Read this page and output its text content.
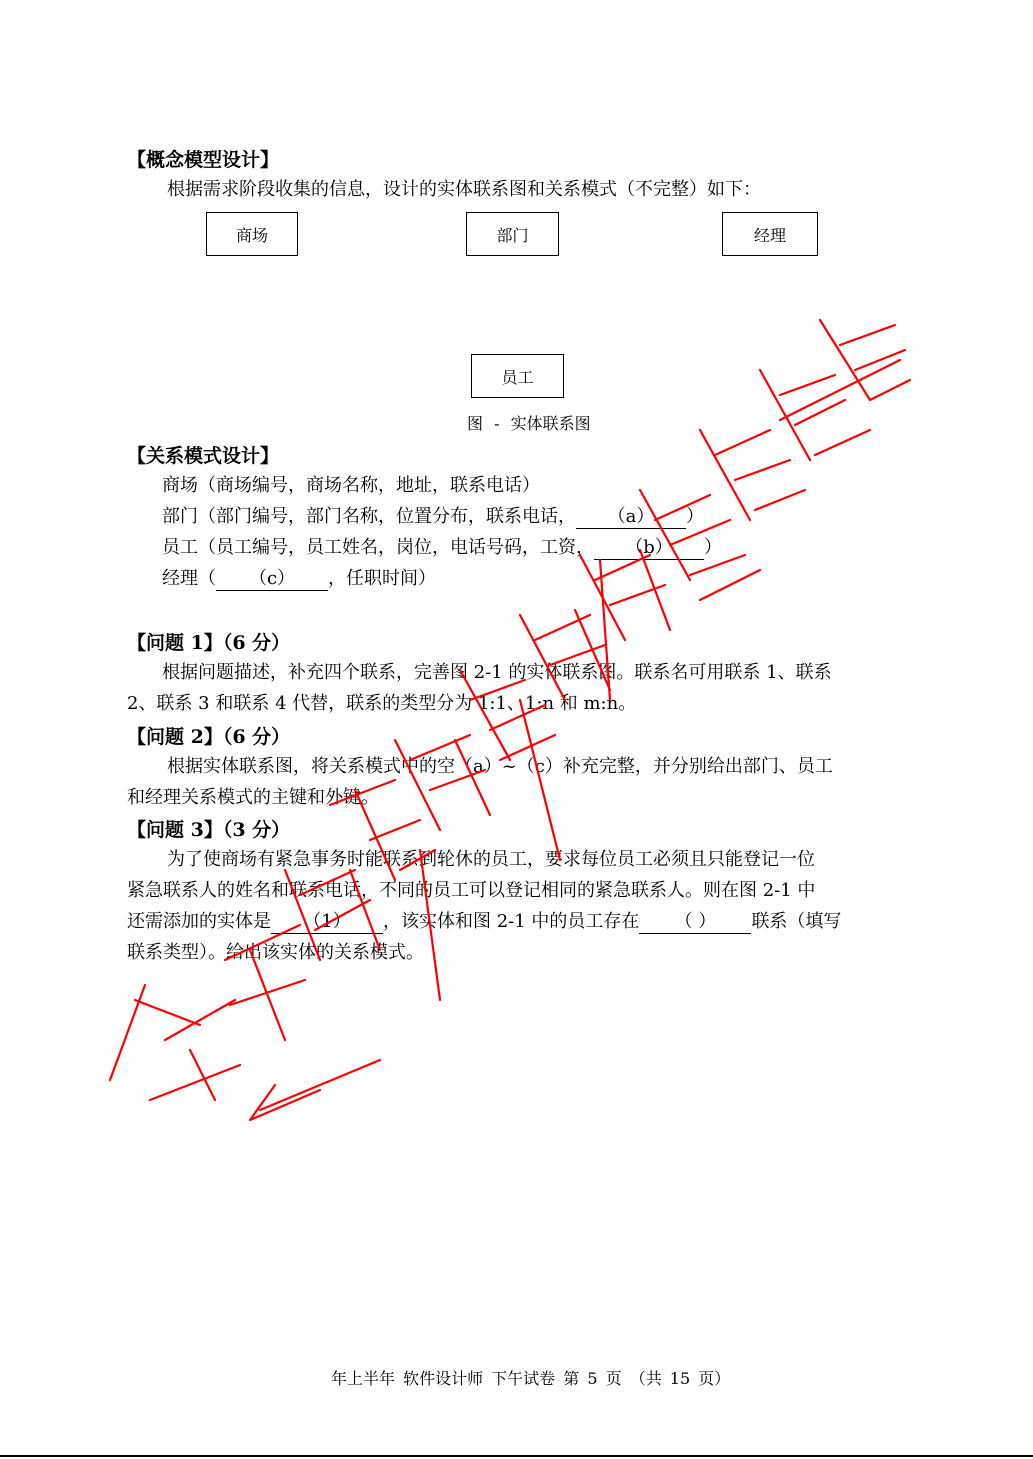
【概念模型设计】
根据需求阶段收集的信息，设计的实体联系图和关系模式（不完整）如下：
商场	部门	经理
员工
图 - 实体联系图
【关系模式设计】
商场（商场编号，商场名称，地址，联系电话）
部门（部门编号，部门名称，位置分布，联系电话， （a） ）
员工（员工编号，员工姓名，岗位，电话号码，工资， （b） ）
经理（ （c） ，任职时间）
【问题 1】（6 分）
根据问题描述，补充四个联系，完善图 2-1 的实体联系图。联系名可用联系 1、联系
2、联系 3 和联系 4 代替，联系的类型分为 1:1、1:n 和 m:n。
【问题 2】（6 分）
根据实体联系图，将关系模式中的空（a）~（c）补充完整，并分别给出部门、员工
和经理关系模式的主键和外键。
【问题 3】（3 分）
为了使商场有紧急事务时能联系到轮休的员工，要求每位员工必须且只能登记一位
紧急联系人的姓名和联系电话，不同的员工可以登记相同的紧急联系人。则在图 2-1 中
还需添加的实体是 （1） ，该实体和图 2-1 中的员工存在 （ ） 联系（填写
联系类型）。给出该实体的关系模式。
年上半年 软件设计师 下午试卷 第 5 页 （共 15 页）
